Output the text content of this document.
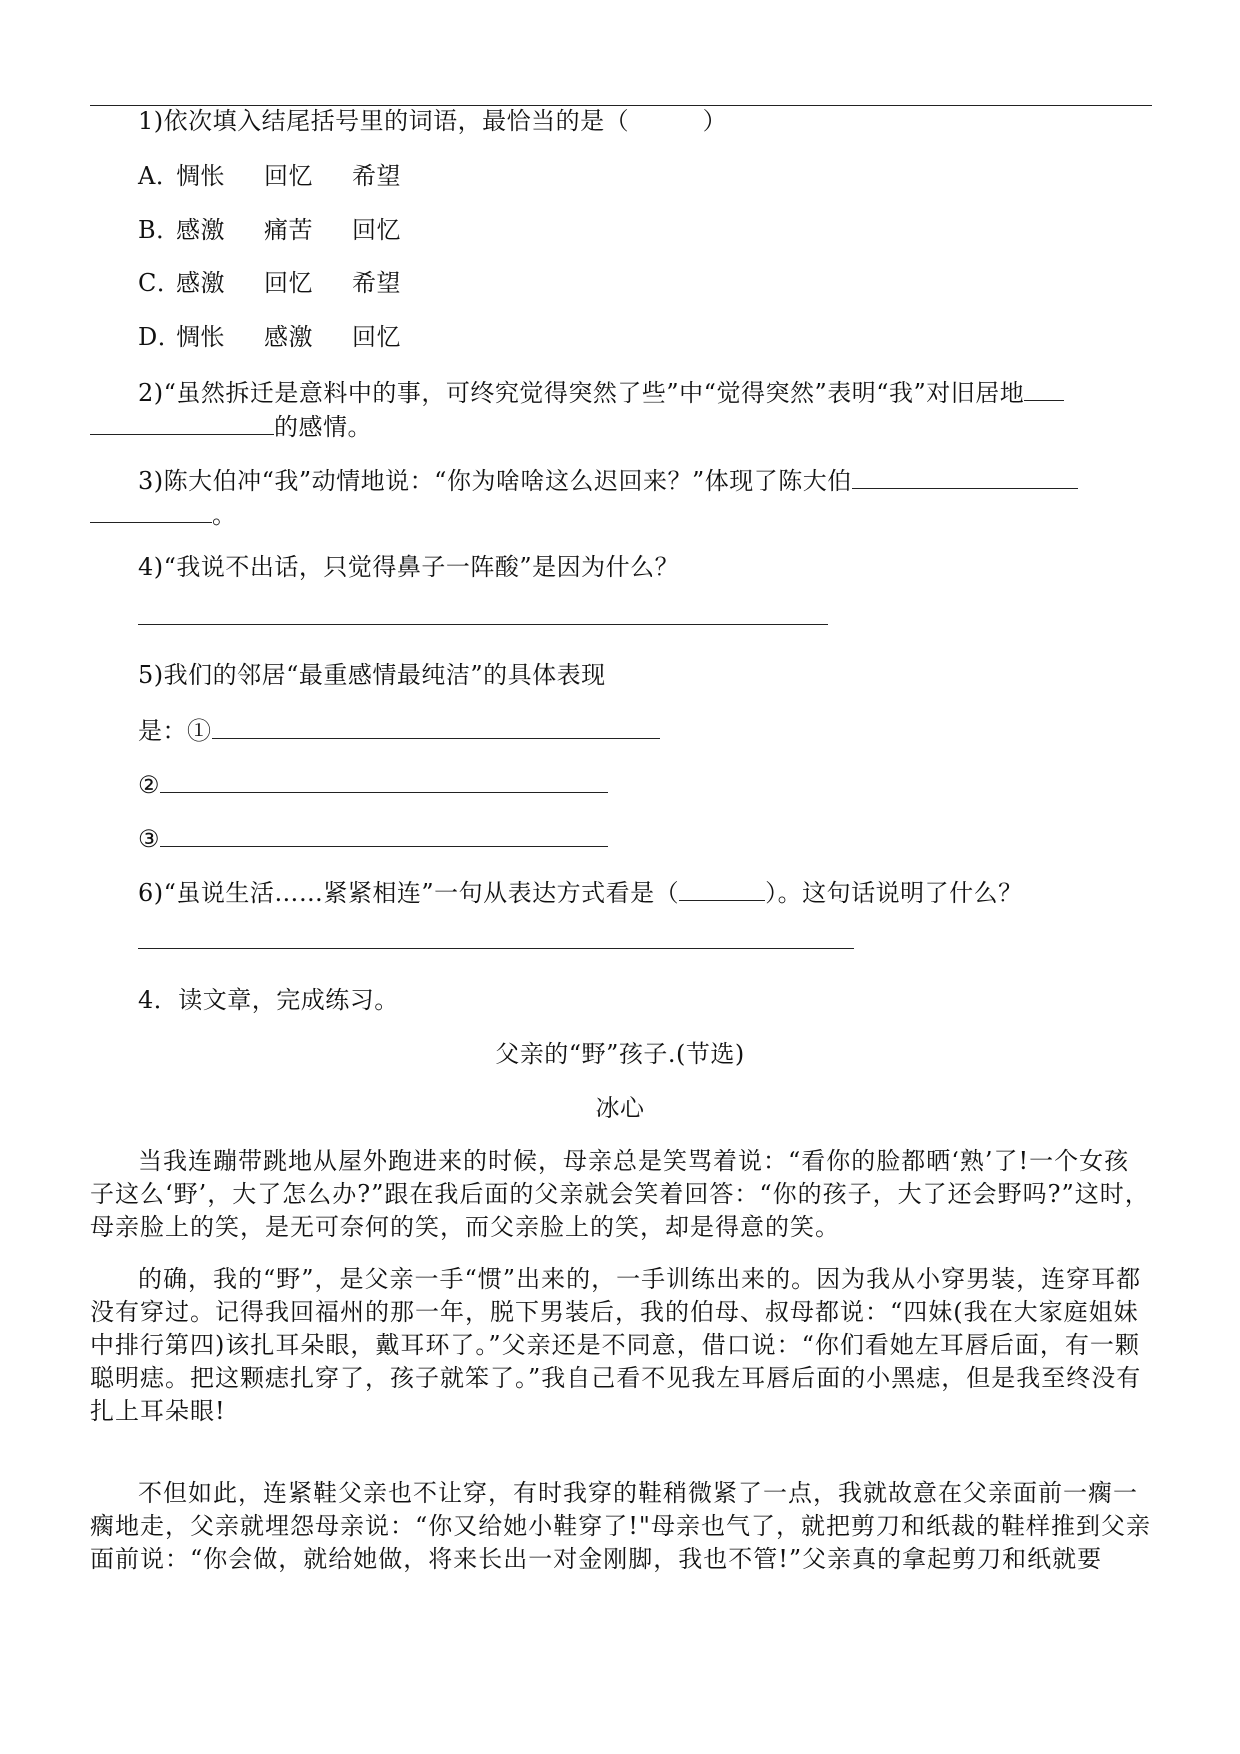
1)依次填入结尾括号里的词语，最恰当的是（　　　）
A．惆怅 回忆 希望
B．感激 痛苦 回忆
C．感激 回忆 希望
D．惆怅 感激 回忆
2)“虽然拆迁是意料中的事，可终究觉得突然了些”中“觉得突然”表明“我”对旧居地
的感情。
3)陈大伯冲“我”动情地说：“你为啥啥这么迟回来？”体现了陈大伯
。
4)“我说不出话，只觉得鼻子一阵酸”是因为什么？
5)我们的邻居“最重感情最纯洁”的具体表现
是：①
②
③
6)“虽说生活……紧紧相连”一句从表达方式看是（	）。这句话说明了什么？
4．读文章，完成练习。
父亲的“野”孩子.(节选)
冰心

当我连蹦带跳地从屋外跑进来的时候，母亲总是笑骂着说：“看你的脸都晒‘熟’了!一个女孩子这么‘野’，大了怎么办?”跟在我后面的父亲就会笑着回答：“你的孩子，大了还会野吗?”这时，母亲脸上的笑，是无可奈何的笑，而父亲脸上的笑，却是得意的笑。

的确，我的“野”，是父亲一手“惯”出来的，一手训练出来的。因为我从小穿男装，连穿耳都没有穿过。记得我回福州的那一年，脱下男装后，我的伯母、叔母都说：“四妹(我在大家庭姐妹中排行第四)该扎耳朵眼，戴耳环了。”父亲还是不同意，借口说：“你们看她左耳唇后面，有一颗聪明痣。把这颗痣扎穿了，孩子就笨了。”我自己看不见我左耳唇后面的小黑痣，但是我至终没有扎上耳朵眼!

不但如此，连紧鞋父亲也不让穿，有时我穿的鞋稍微紧了一点，我就故意在父亲面前一瘸一瘸地走，父亲就埋怨母亲说：“你又给她小鞋穿了!"母亲也气了，就把剪刀和纸裁的鞋样推到父亲面前说：“你会做，就给她做，将来长出一对金刚脚，我也不管!”父亲真的拿起剪刀和纸就要
